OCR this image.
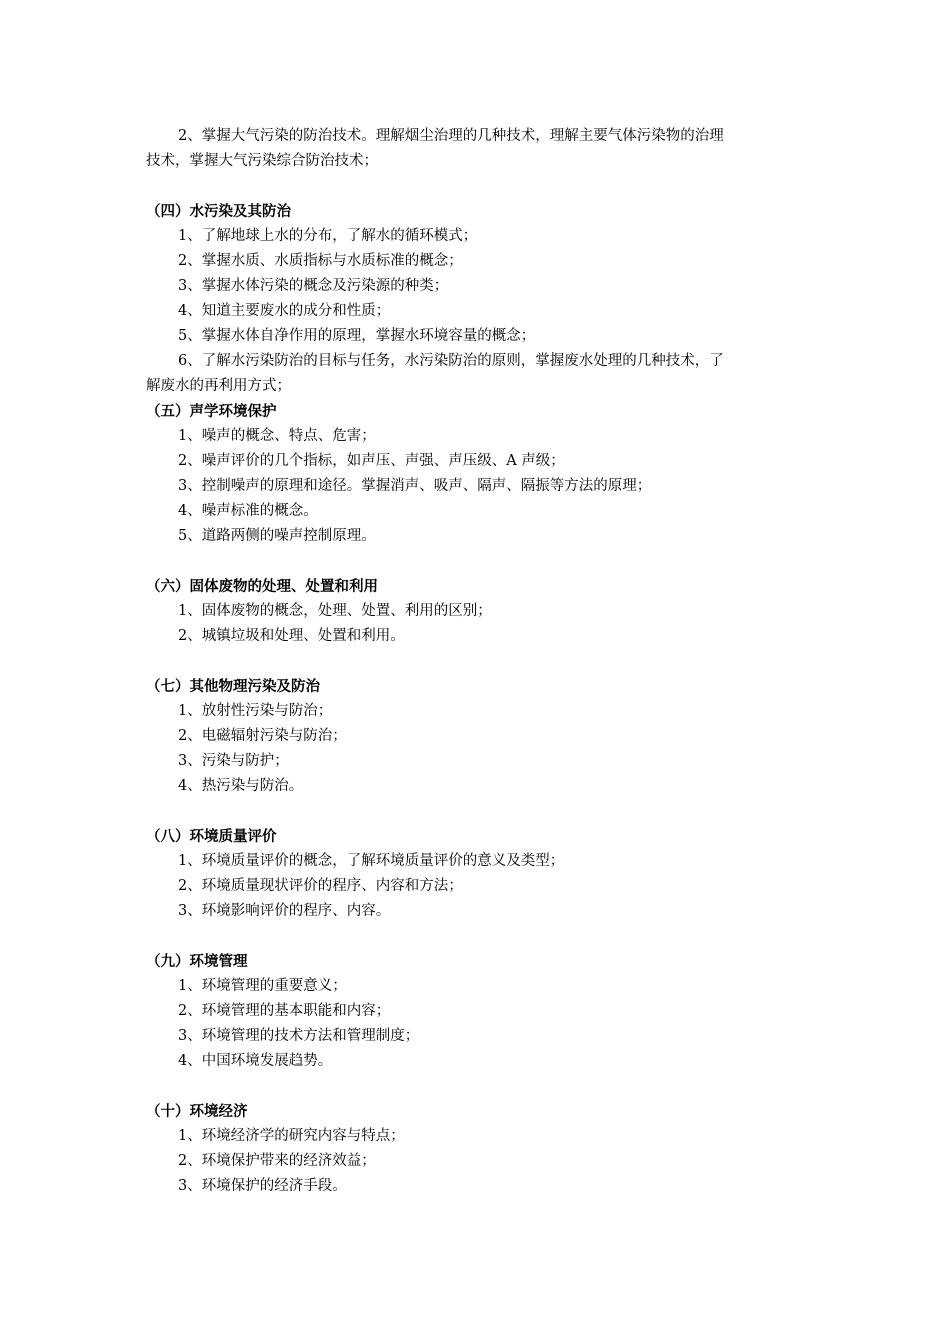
2、掌握大气污染的防治技术。理解烟尘治理的几种技术，理解主要气体污染物的治理
技术，掌握大气污染综合防治技术；
（四）水污染及其防治
1、了解地球上水的分布，了解水的循环模式；
2、掌握水质、水质指标与水质标准的概念；
3、掌握水体污染的概念及污染源的种类；
4、知道主要废水的成分和性质；
5、掌握水体自净作用的原理，掌握水环境容量的概念；
6、了解水污染防治的目标与任务，水污染防治的原则，掌握废水处理的几种技术，了
解废水的再利用方式；
（五）声学环境保护
1、噪声的概念、特点、危害；
2、噪声评价的几个指标，如声压、声强、声压级、A 声级；
3、控制噪声的原理和途径。掌握消声、吸声、隔声、隔振等方法的原理；
4、噪声标准的概念。
5、道路两侧的噪声控制原理。
（六）固体废物的处理、处置和利用
1、固体废物的概念，处理、处置、利用的区别；
2、城镇垃圾和处理、处置和利用。
（七）其他物理污染及防治
1、放射性污染与防治；
2、电磁辐射污染与防治；
3、污染与防护；
4、热污染与防治。
（八）环境质量评价
1、环境质量评价的概念，了解环境质量评价的意义及类型；
2、环境质量现状评价的程序、内容和方法；
3、环境影响评价的程序、内容。
（九）环境管理
1、环境管理的重要意义；
2、环境管理的基本职能和内容；
3、环境管理的技术方法和管理制度；
4、中国环境发展趋势。
（十）环境经济
1、环境经济学的研究内容与特点；
2、环境保护带来的经济效益；
3、环境保护的经济手段。
